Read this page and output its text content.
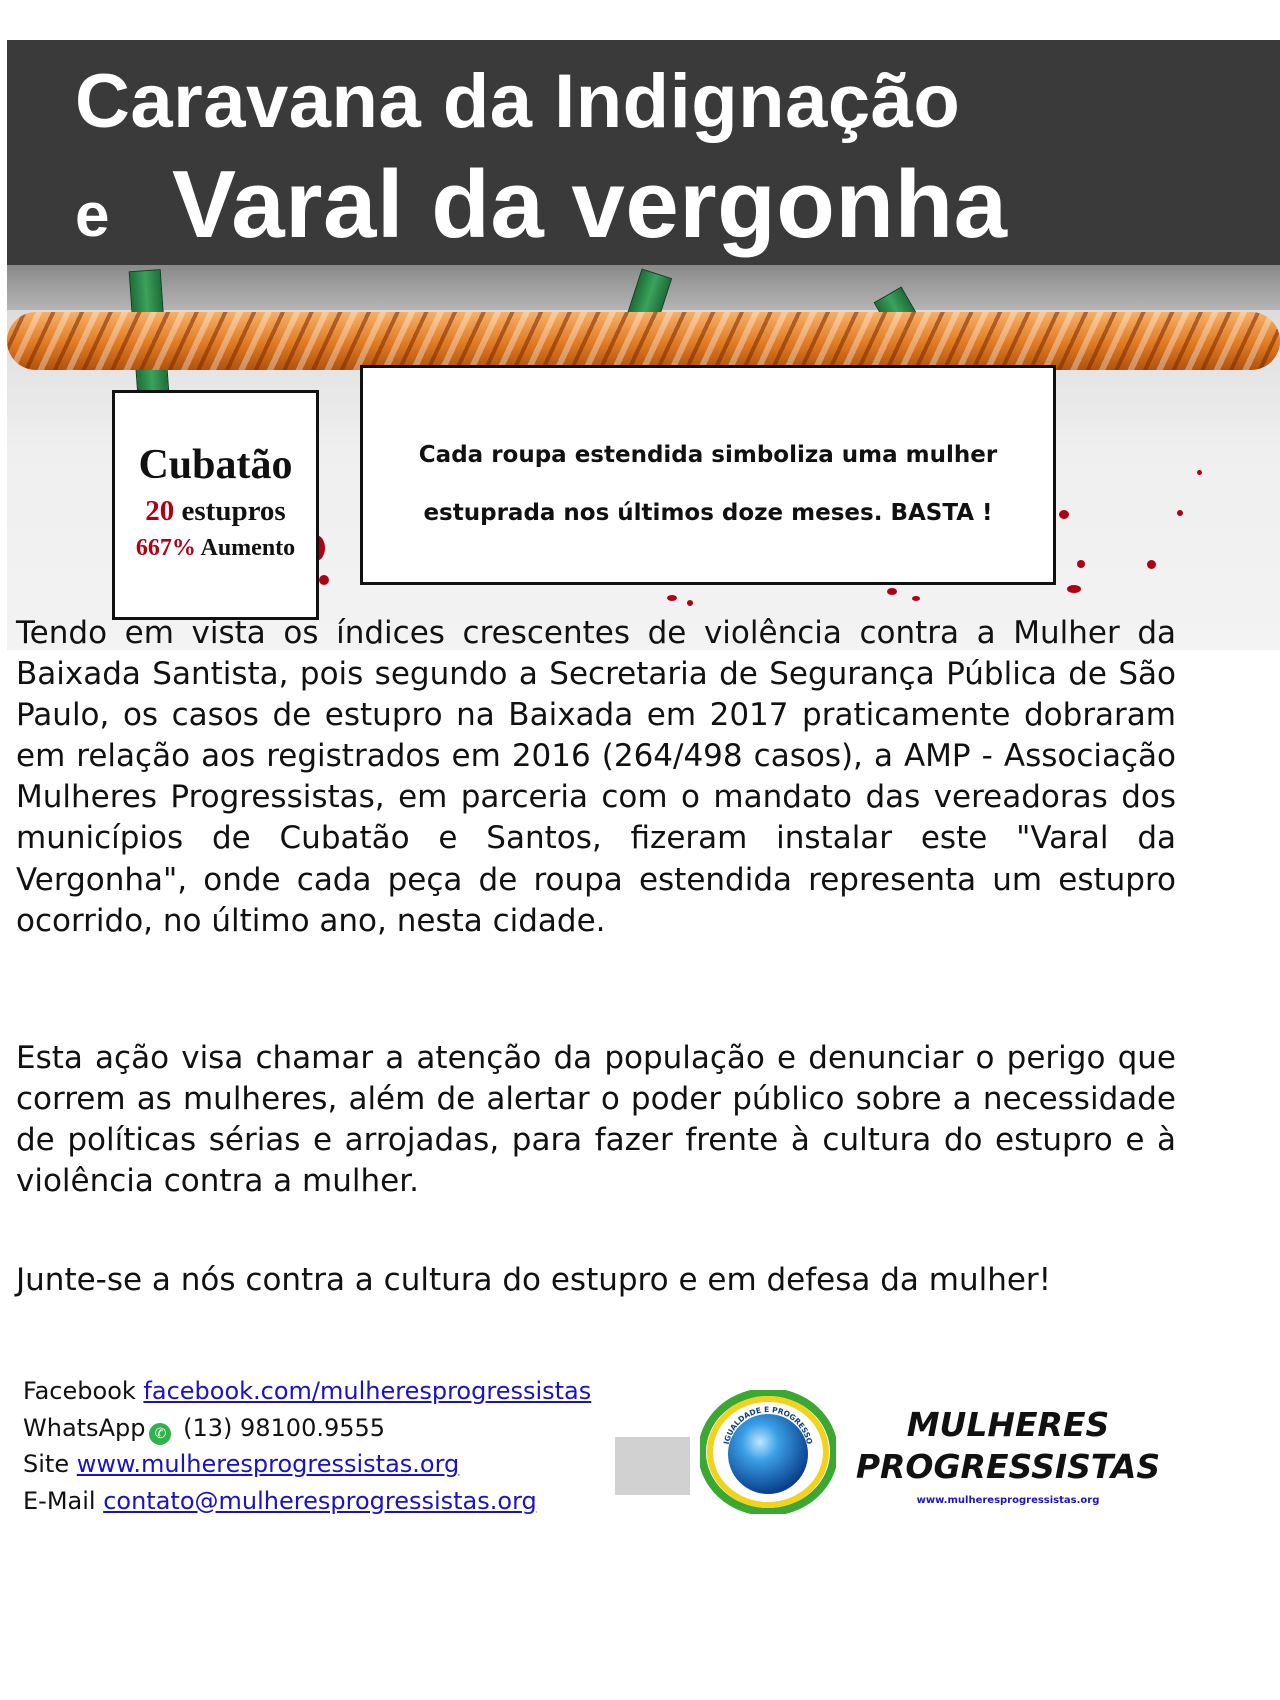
Caravana da Indignação
e Varal da vergonha
Cubatão
20 estupros
667% Aumento
Cada roupa estendida simboliza uma mulher
estuprada nos últimos doze meses. BASTA !

Tendo em vista os índices crescentes de violência contra a Mulher da Baixada Santista, pois segundo a Secretaria de Segurança Pública de São Paulo, os casos de estupro na Baixada em 2017 praticamente dobraram em relação aos registrados em 2016 (264/498 casos), a AMP - Associação Mulheres Progressistas, em parceria com o mandato das vereadoras dos municípios de Cubatão e Santos, fizeram instalar este "Varal da Vergonha", onde cada peça de roupa estendida representa um estupro ocorrido, no último ano, nesta cidade.

Esta ação visa chamar a atenção da população e denunciar o perigo que correm as mulheres, além de alertar o poder público sobre a necessidade de políticas sérias e arrojadas, para fazer frente à cultura do estupro e à violência contra a mulher.

Junte-se a nós contra a cultura do estupro e em defesa da mulher!

Facebook facebook.com/mulheresprogressistas
WhatsApp ✆ (13) 98100.9555
Site www.mulheresprogressistas.org
E-Mail contato@mulheresprogressistas.org
IGUALDADE E PROGRESSO	MULHERES
PROGRESSISTAS
www.mulheresprogressistas.org
